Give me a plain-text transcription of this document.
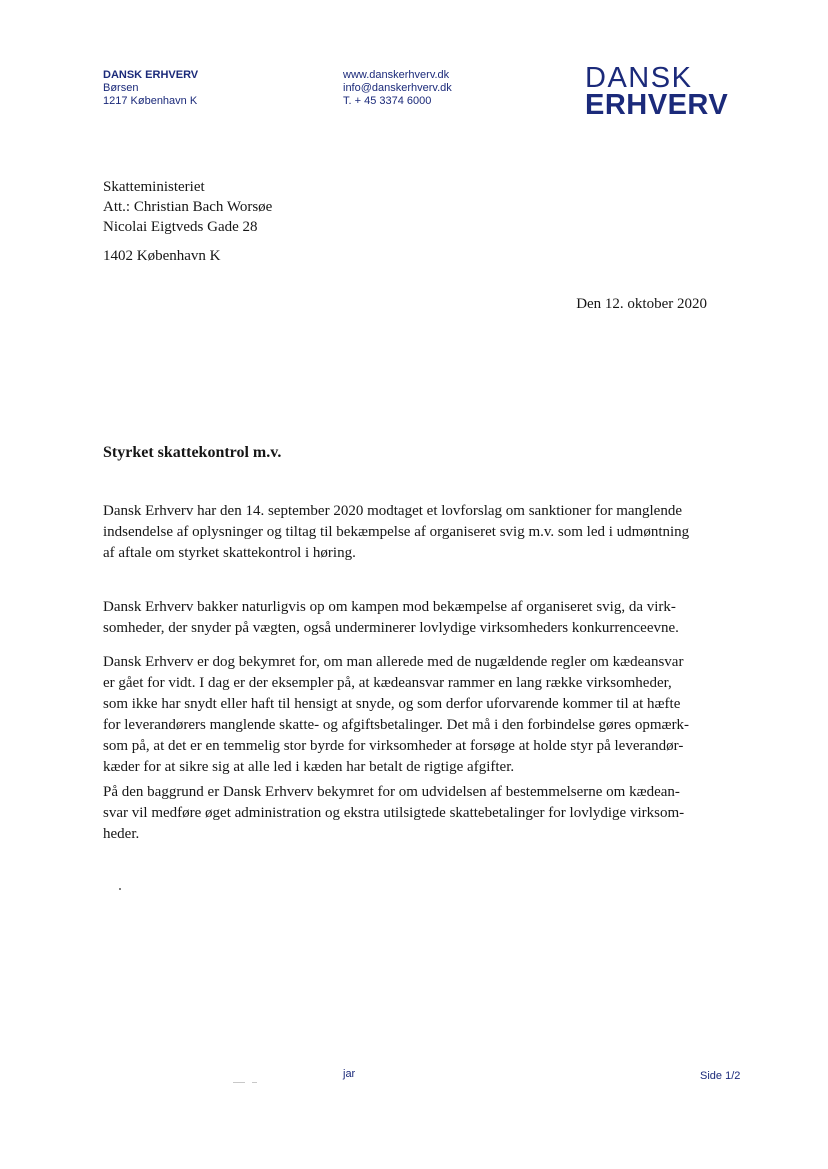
DANSK ERHVERV
Børsen
1217 København K
www.danskerhverv.dk
info@danskerhverv.dk
T. + 45 3374 6000
DANSK
ERHVERV
Skatteministeriet
Att.: Christian Bach Worsøe
Nicolai Eigtveds Gade 28
1402 København K
Den 12. oktober 2020
Styrket skattekontrol m.v.

Dansk Erhverv har den 14. september 2020 modtaget et lovforslag om sanktioner for manglende
indsendelse af oplysninger og tiltag til bekæmpelse af organiseret svig m.v. som led i udmøntning
af aftale om styrket skattekontrol i høring.

Dansk Erhverv bakker naturligvis op om kampen mod bekæmpelse af organiseret svig, da virk-
somheder, der snyder på vægten, også underminerer lovlydige virksomheders konkurrenceevne.

Dansk Erhverv er dog bekymret for, om man allerede med de nugældende regler om kædeansvar
er gået for vidt. I dag er der eksempler på, at kædeansvar rammer en lang række virksomheder,
som ikke har snydt eller haft til hensigt at snyde, og som derfor uforvarende kommer til at hæfte
for leverandørers manglende skatte- og afgiftsbetalinger. Det må i den forbindelse gøres opmærk-
som på, at det er en temmelig stor byrde for virksomheder at forsøge at holde styr på leverandør-
kæder for at sikre sig at alle led i kæden har betalt de rigtige afgifter.

På den baggrund er Dansk Erhverv bekymret for om udvidelsen af bestemmelserne om kædean-
svar vil medføre øget administration og ekstra utilsigtede skattebetalinger for lovlydige virksom-
heder.

jar	Side 1/2
